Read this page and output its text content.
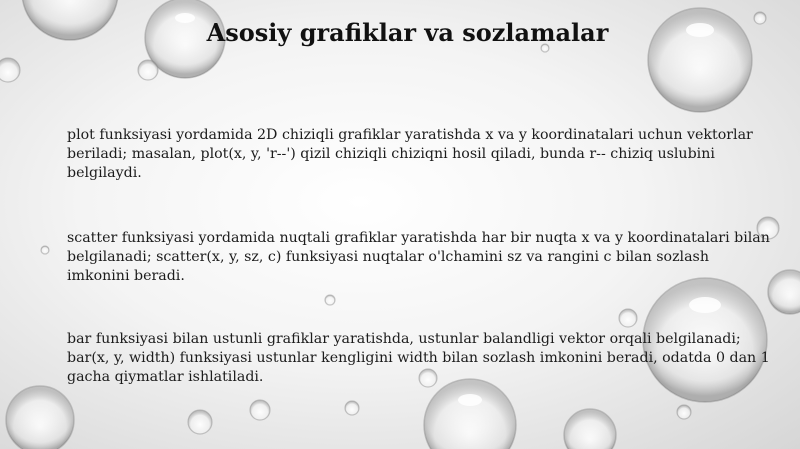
Asosiy grafiklar va sozlamalar
plot funksiyasi yordamida 2D chiziqli grafiklar yaratishda x va y koordinatalari uchun vektorlar beriladi; masalan, plot(x, y, 'r--') qizil chiziqli chiziqni hosil qiladi, bunda r-- chiziq uslubini belgilaydi.
scatter funksiyasi yordamida nuqtali grafiklar yaratishda har bir nuqta x va y koordinatalari bilan belgilanadi; scatter(x, y, sz, c) funksiyasi nuqtalar o'lchamini sz va rangini c bilan sozlash imkonini beradi.
bar funksiyasi bilan ustunli grafiklar yaratishda, ustunlar balandligi vektor orqali belgilanadi; bar(x, y, width) funksiyasi ustunlar kengligini width bilan sozlash imkonini beradi, odatda 0 dan 1 gacha qiymatlar ishlatiladi.
